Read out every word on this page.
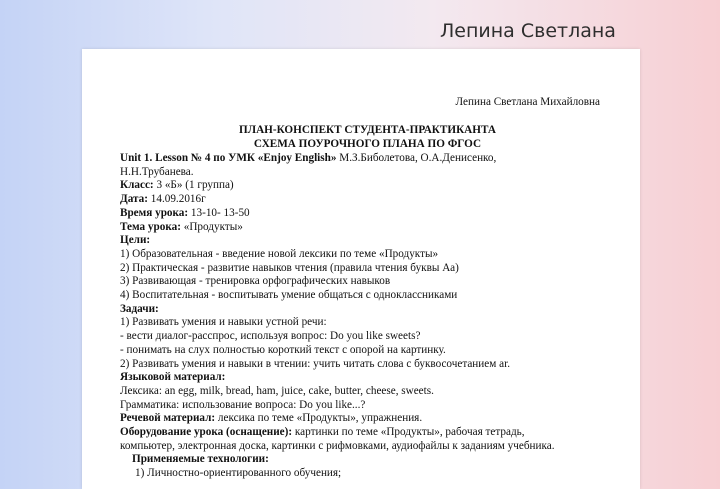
Лепина Светлана

Лепина Светлана Михайловна

ПЛАН-КОНСПЕКТ СТУДЕНТА-ПРАКТИКАНТА

СХЕМА ПОУРОЧНОГО ПЛАНА ПО ФГОС

Unit 1. Lesson № 4 по УМК «Enjoy English» М.З.Биболетова, О.А.Денисенко,

Н.Н.Трубанева.

Класс: 3 «Б» (1 группа)

Дата: 14.09.2016г

Время урока: 13-10- 13-50

Тема урока: «Продукты»

Цели:

1) Образовательная - введение новой лексики по теме «Продукты»

2) Практическая - развитие навыков чтения (правила чтения буквы Аа)

3) Развивающая - тренировка орфографических навыков

4) Воспитательная - воспитывать умение общаться с одноклассниками

Задачи:

1) Развивать умения и навыки устной речи:

- вести диалог-расспрос, используя вопрос: Do you like sweets?

- понимать на слух полностью короткий текст с опорой на картинку.

2) Развивать умения и навыки в чтении: учить читать слова с буквосочетанием ar.

Языковой материал:

Лексика: an egg, milk, bread, ham, juice, cake, butter, cheese, sweets.

Грамматика: использование вопроса: Do you like...?

Речевой материал: лексика по теме «Продукты», упражнения.

Оборудование урока (оснащение): картинки по теме «Продукты», рабочая тетрадь,

компьютер, электронная доска, картинки с рифмовками, аудиофайлы к заданиям учебника.

Применяемые технологии:

1) Личностно-ориентированного обучения;
